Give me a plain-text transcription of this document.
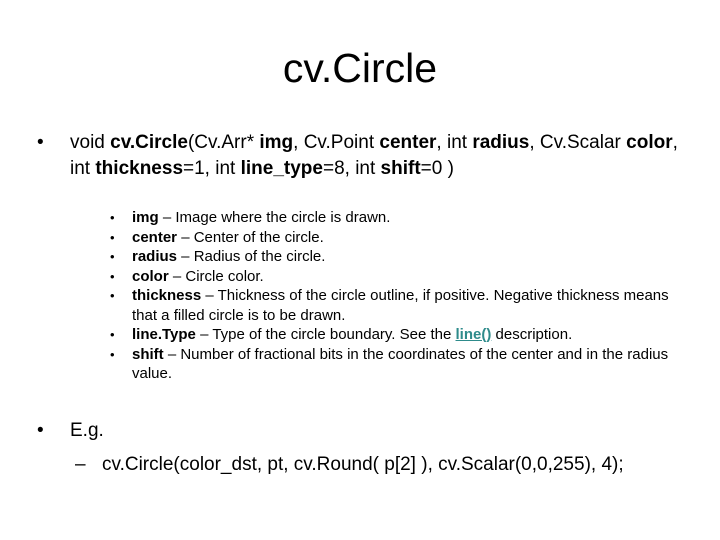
cv.Circle
• void cv.Circle(Cv.Arr* img, Cv.Point center, int radius, Cv.Scalar color, int thickness=1, int line_type=8, int shift=0 )
• img – Image where the circle is drawn.
• center – Center of the circle.
• radius – Radius of the circle.
• color – Circle color.
• thickness – Thickness of the circle outline, if positive. Negative thickness means that a filled circle is to be drawn.
• line.Type – Type of the circle boundary. See the line() description.
• shift – Number of fractional bits in the coordinates of the center and in the radius value.
• E.g.
– cv.Circle(color_dst, pt, cv.Round( p[2] ), cv.Scalar(0,0,255), 4);
